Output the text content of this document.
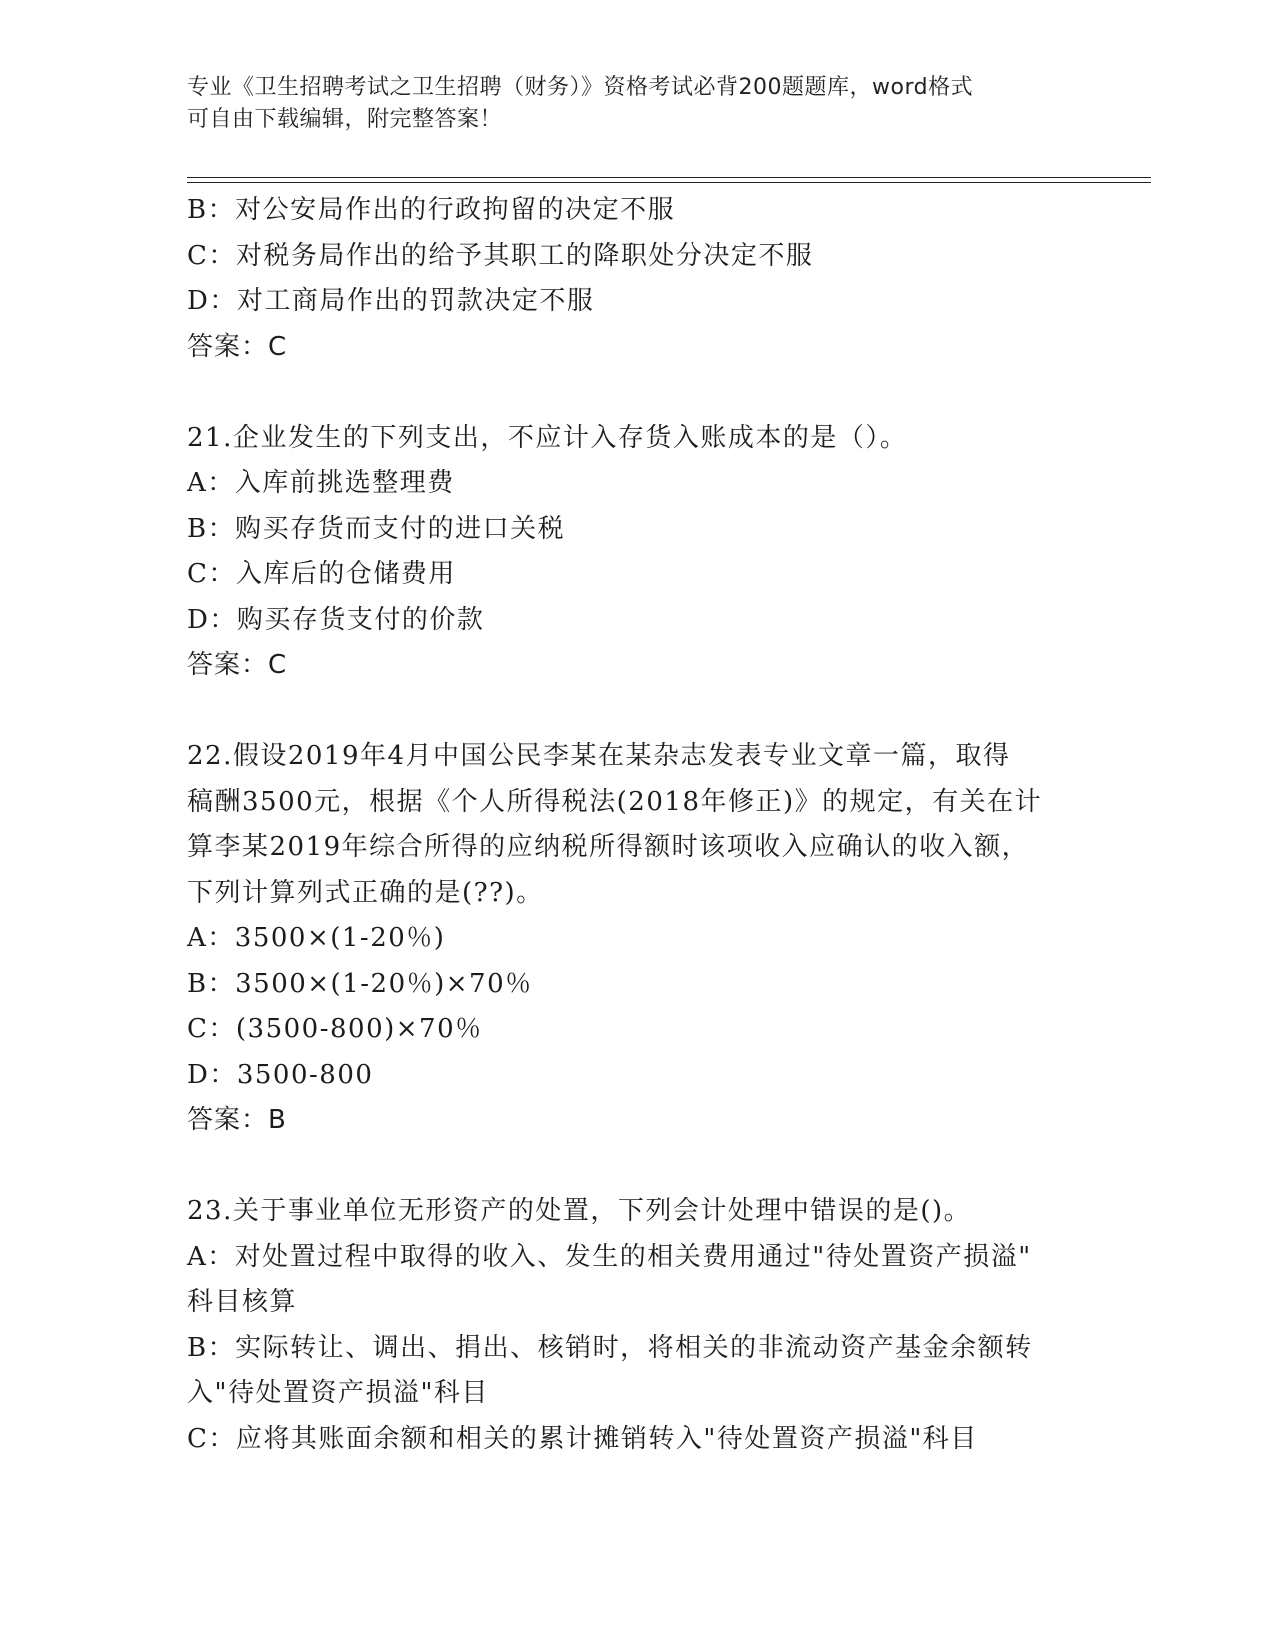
专业《卫生招聘考试之卫生招聘（财务）》资格考试必背200题题库，word格式
可自由下载编辑，附完整答案！
B：对公安局作出的行政拘留的决定不服
C：对税务局作出的给予其职工的降职处分决定不服
D：对工商局作出的罚款决定不服
答案：C
21.企业发生的下列支出，不应计入存货入账成本的是（）。
A：入库前挑选整理费
B：购买存货而支付的进口关税
C：入库后的仓储费用
D：购买存货支付的价款
答案：C
22.假设2019年4月中国公民李某在某杂志发表专业文章一篇，取得
稿酬3500元，根据《个人所得税法(2018年修正)》的规定，有关在计
算李某2019年综合所得的应纳税所得额时该项收入应确认的收入额，
下列计算列式正确的是(??)。
A：3500×(1-20％)
B：3500×(1-20％)×70％
C：(3500-800)×70％
D：3500-800
答案：B
23.关于事业单位无形资产的处置，下列会计处理中错误的是()。
A：对处置过程中取得的收入、发生的相关费用通过"待处置资产损溢"
科目核算
B：实际转让、调出、捐出、核销时，将相关的非流动资产基金余额转
入"待处置资产损溢"科目
C：应将其账面余额和相关的累计摊销转入"待处置资产损溢"科目
